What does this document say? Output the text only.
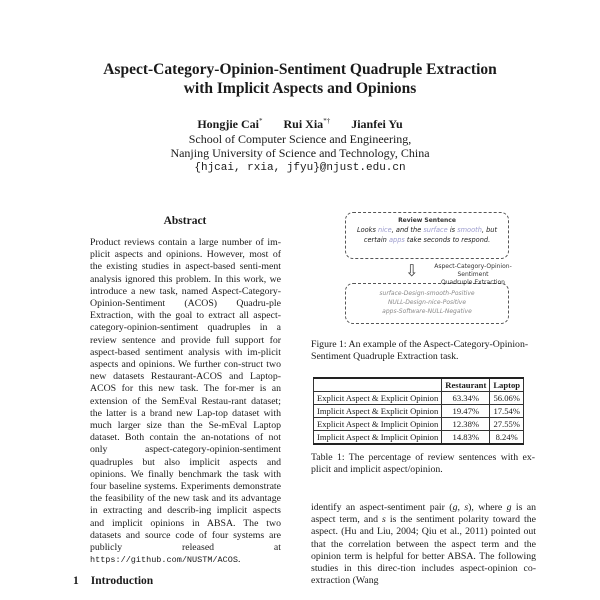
Aspect-Category-Opinion-Sentiment Quadruple Extraction
with Implicit Aspects and Opinions
Hongjie Cai* Rui Xia*† Jianfei Yu
School of Computer Science and Engineering,
Nanjing University of Science and Technology, China
{hjcai, rxia, jfyu}@njust.edu.cn
Abstract
Product reviews contain a large number of im-plicit aspects and opinions. However, most of the existing studies in aspect-based senti-ment analysis ignored this problem. In this work, we introduce a new task, named Aspect-Category-Opinion-Sentiment (ACOS) Quadru-ple Extraction, with the goal to extract all aspect-category-opinion-sentiment quadruples in a review sentence and provide full support for aspect-based sentiment analysis with im-plicit aspects and opinions. We further con-struct two new datasets Restaurant-ACOS and Laptop-ACOS for this new task. The for-mer is an extension of the SemEval Restau-rant dataset; the latter is a brand new Lap-top dataset with much larger size than the Se-mEval Laptop dataset. Both contain the an-notations of not only aspect-category-opinion-sentiment quadruples but also implicit aspects and opinions. We finally benchmark the task with four baseline systems. Experiments demonstrate the feasibility of the new task and its advantage in extracting and describ-ing implicit aspects and implicit opinions in ABSA. The two datasets and source code of four systems are publicly released at https://github.com/NUSTM/ACOS.
1 Introduction
Review Sentence
Looks nice, and the surface is smooth, but certain apps take seconds to respond.
⇩	Aspect-Category-Opinion-Sentiment
Quadruple Extraction
surface-Design-smooth-Positive
NULL-Design-nice-Positive
apps-Software-NULL-Negative
Figure 1: An example of the Aspect-Category-Opinion-Sentiment Quadruple Extraction task.
	Restaurant	Laptop
Explicit Aspect & Explicit Opinion	63.34%	56.06%
Implicit Aspect & Explicit Opinion	19.47%	17.54%
Explicit Aspect & Implicit Opinion	12.38%	27.55%
Implicit Aspect & Implicit Opinion	14.83%	8.24%
Table 1: The percentage of review sentences with ex-plicit and implicit aspect/opinion.
identify an aspect-sentiment pair (g, s), where g is an aspect term, and s is the sentiment polarity toward the aspect. (Hu and Liu, 2004; Qiu et al., 2011) pointed out that the correlation between the aspect term and the opinion term is helpful for better ABSA. The following studies in this direc-tion includes aspect-opinion co-extraction (Wang
